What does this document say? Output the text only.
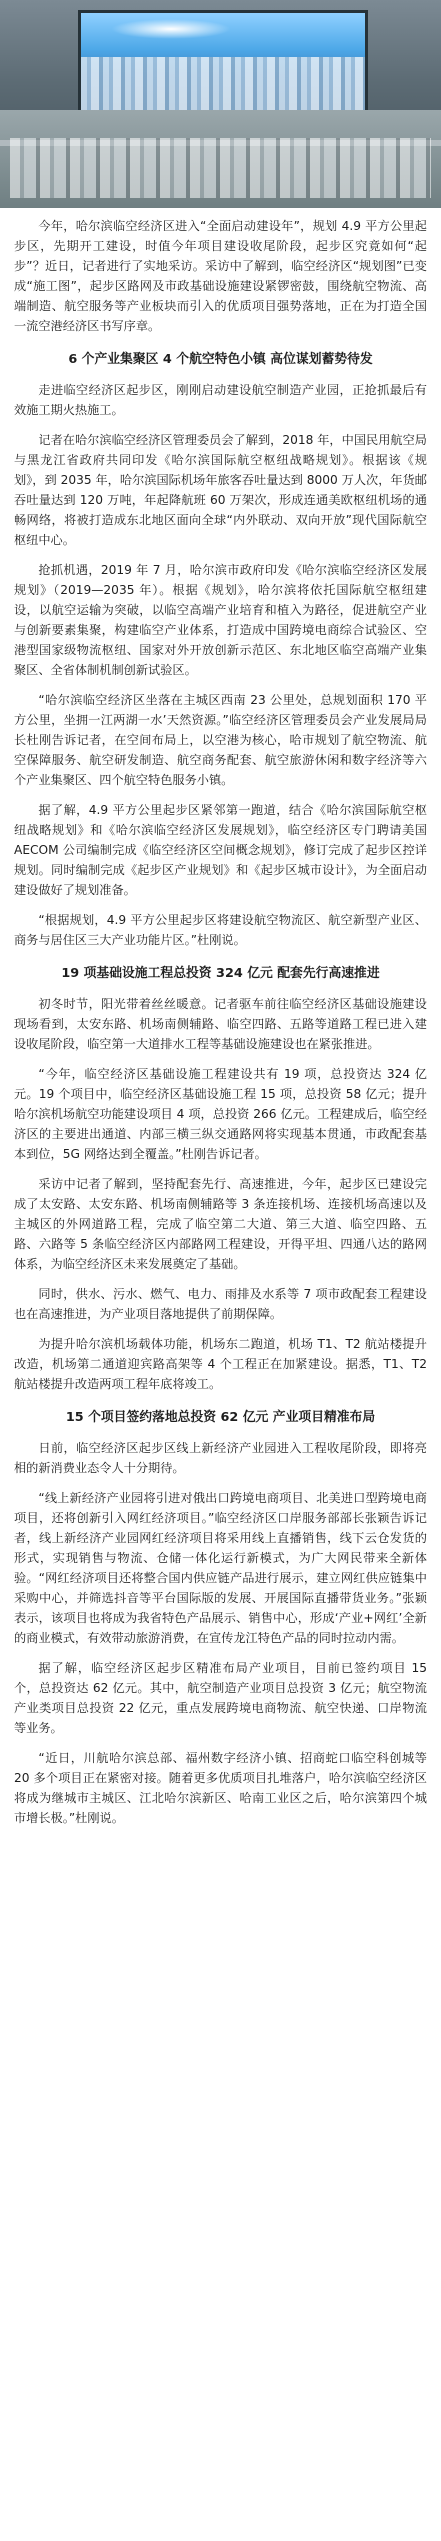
今年，哈尔滨临空经济区进入“全面启动建设年”，规划 4.9 平方公里起步区，先期开工建设，时值今年项目建设收尾阶段，起步区究竟如何“起步”？近日，记者进行了实地采访。采访中了解到，临空经济区“规划图”已变成“施工图”，起步区路网及市政基础设施建设紧锣密鼓，围绕航空物流、高端制造、航空服务等产业板块而引入的优质项目强势落地，正在为打造全国一流空港经济区书写序章。

6 个产业集聚区 4 个航空特色小镇 高位谋划蓄势待发

走进临空经济区起步区，刚刚启动建设航空制造产业园，正抢抓最后有效施工期火热施工。

记者在哈尔滨临空经济区管理委员会了解到，2018 年，中国民用航空局与黑龙江省政府共同印发《哈尔滨国际航空枢纽战略规划》。根据该《规划》，到 2035 年，哈尔滨国际机场年旅客吞吐量达到 8000 万人次，年货邮吞吐量达到 120 万吨，年起降航班 60 万架次，形成连通美欧枢纽机场的通畅网络，将被打造成东北地区面向全球“内外联动、双向开放”现代国际航空枢纽中心。

抢抓机遇，2019 年 7 月，哈尔滨市政府印发《哈尔滨临空经济区发展规划》（2019—2035 年）。根据《规划》，哈尔滨将依托国际航空枢纽建设，以航空运输为突破，以临空高端产业培育和植入为路径，促进航空产业与创新要素集聚，构建临空产业体系，打造成中国跨境电商综合试验区、空港型国家级物流枢纽、国家对外开放创新示范区、东北地区临空高端产业集聚区、全省体制机制创新试验区。

“哈尔滨临空经济区坐落在主城区西南 23 公里处，总规划面积 170 平方公里，坐拥一江两湖一水’天然资源。”临空经济区管理委员会产业发展局局长杜刚告诉记者，在空间布局上，以空港为核心，哈市规划了航空物流、航空保障服务、航空研发制造、航空商务配套、航空旅游休闲和数字经济等六个产业集聚区、四个航空特色服务小镇。

据了解，4.9 平方公里起步区紧邻第一跑道，结合《哈尔滨国际航空枢纽战略规划》和《哈尔滨临空经济区发展规划》，临空经济区专门聘请美国 AECOM 公司编制完成《临空经济区空间概念规划》，修订完成了起步区控详规划。同时编制完成《起步区产业规划》和《起步区城市设计》，为全面启动建设做好了规划准备。

“根据规划，4.9 平方公里起步区将建设航空物流区、航空新型产业区、商务与居住区三大产业功能片区。”杜刚说。

19 项基础设施工程总投资 324 亿元 配套先行高速推进

初冬时节，阳光带着丝丝暖意。记者驱车前往临空经济区基础设施建设现场看到，太安东路、机场南侧辅路、临空四路、五路等道路工程已进入建设收尾阶段，临空第一大道排水工程等基础设施建设也在紧张推进。

“今年，临空经济区基础设施工程建设共有 19 项，总投资达 324 亿元。19 个项目中，临空经济区基础设施工程 15 项，总投资 58 亿元；提升哈尔滨机场航空功能建设项目 4 项，总投资 266 亿元。工程建成后，临空经济区的主要进出通道、内部三横三纵交通路网将实现基本贯通，市政配套基本到位，5G 网络达到全覆盖。”杜刚告诉记者。

采访中记者了解到，坚持配套先行、高速推进，今年，起步区已建设完成了太安路、太安东路、机场南侧辅路等 3 条连接机场、连接机场高速以及主城区的外网道路工程，完成了临空第二大道、第三大道、临空四路、五路、六路等 5 条临空经济区内部路网工程建设，开得平坦、四通八达的路网体系，为临空经济区未来发展奠定了基础。

同时，供水、污水、燃气、电力、雨排及水系等 7 项市政配套工程建设也在高速推进，为产业项目落地提供了前期保障。

为提升哈尔滨机场载体功能，机场东二跑道，机场 T1、T2 航站楼提升改造，机场第二通道迎宾路高架等 4 个工程正在加紧建设。据悉，T1、T2 航站楼提升改造两项工程年底将竣工。

15 个项目签约落地总投资 62 亿元 产业项目精准布局

日前，临空经济区起步区线上新经济产业园进入工程收尾阶段，即将亮相的新消费业态令人十分期待。

“线上新经济产业园将引进对俄出口跨境电商项目、北美进口型跨境电商项目，还将创新引入网红经济项目。”临空经济区口岸服务部部长张颖告诉记者，线上新经济产业园网红经济项目将采用线上直播销售，线下云仓发货的形式，实现销售与物流、仓储一体化运行新模式，为广大网民带来全新体验。“网红经济项目还将整合国内供应链产品进行展示，建立网红供应链集中采购中心，并筛选抖音等平台国际版的发展、开展国际直播带货业务。”张颖表示，该项目也将成为我省特色产品展示、销售中心，形成‘产业+网红’全新的商业模式，有效带动旅游消费，在宣传龙江特色产品的同时拉动内需。

据了解，临空经济区起步区精准布局产业项目，目前已签约项目 15 个，总投资达 62 亿元。其中，航空制造产业项目总投资 3 亿元；航空物流产业类项目总投资 22 亿元，重点发展跨境电商物流、航空快递、口岸物流等业务。

“近日，川航哈尔滨总部、福州数字经济小镇、招商蛇口临空科创城等 20 多个项目正在紧密对接。随着更多优质项目扎堆落户，哈尔滨临空经济区将成为继城市主城区、江北哈尔滨新区、哈南工业区之后，哈尔滨第四个城市增长极。”杜刚说。
